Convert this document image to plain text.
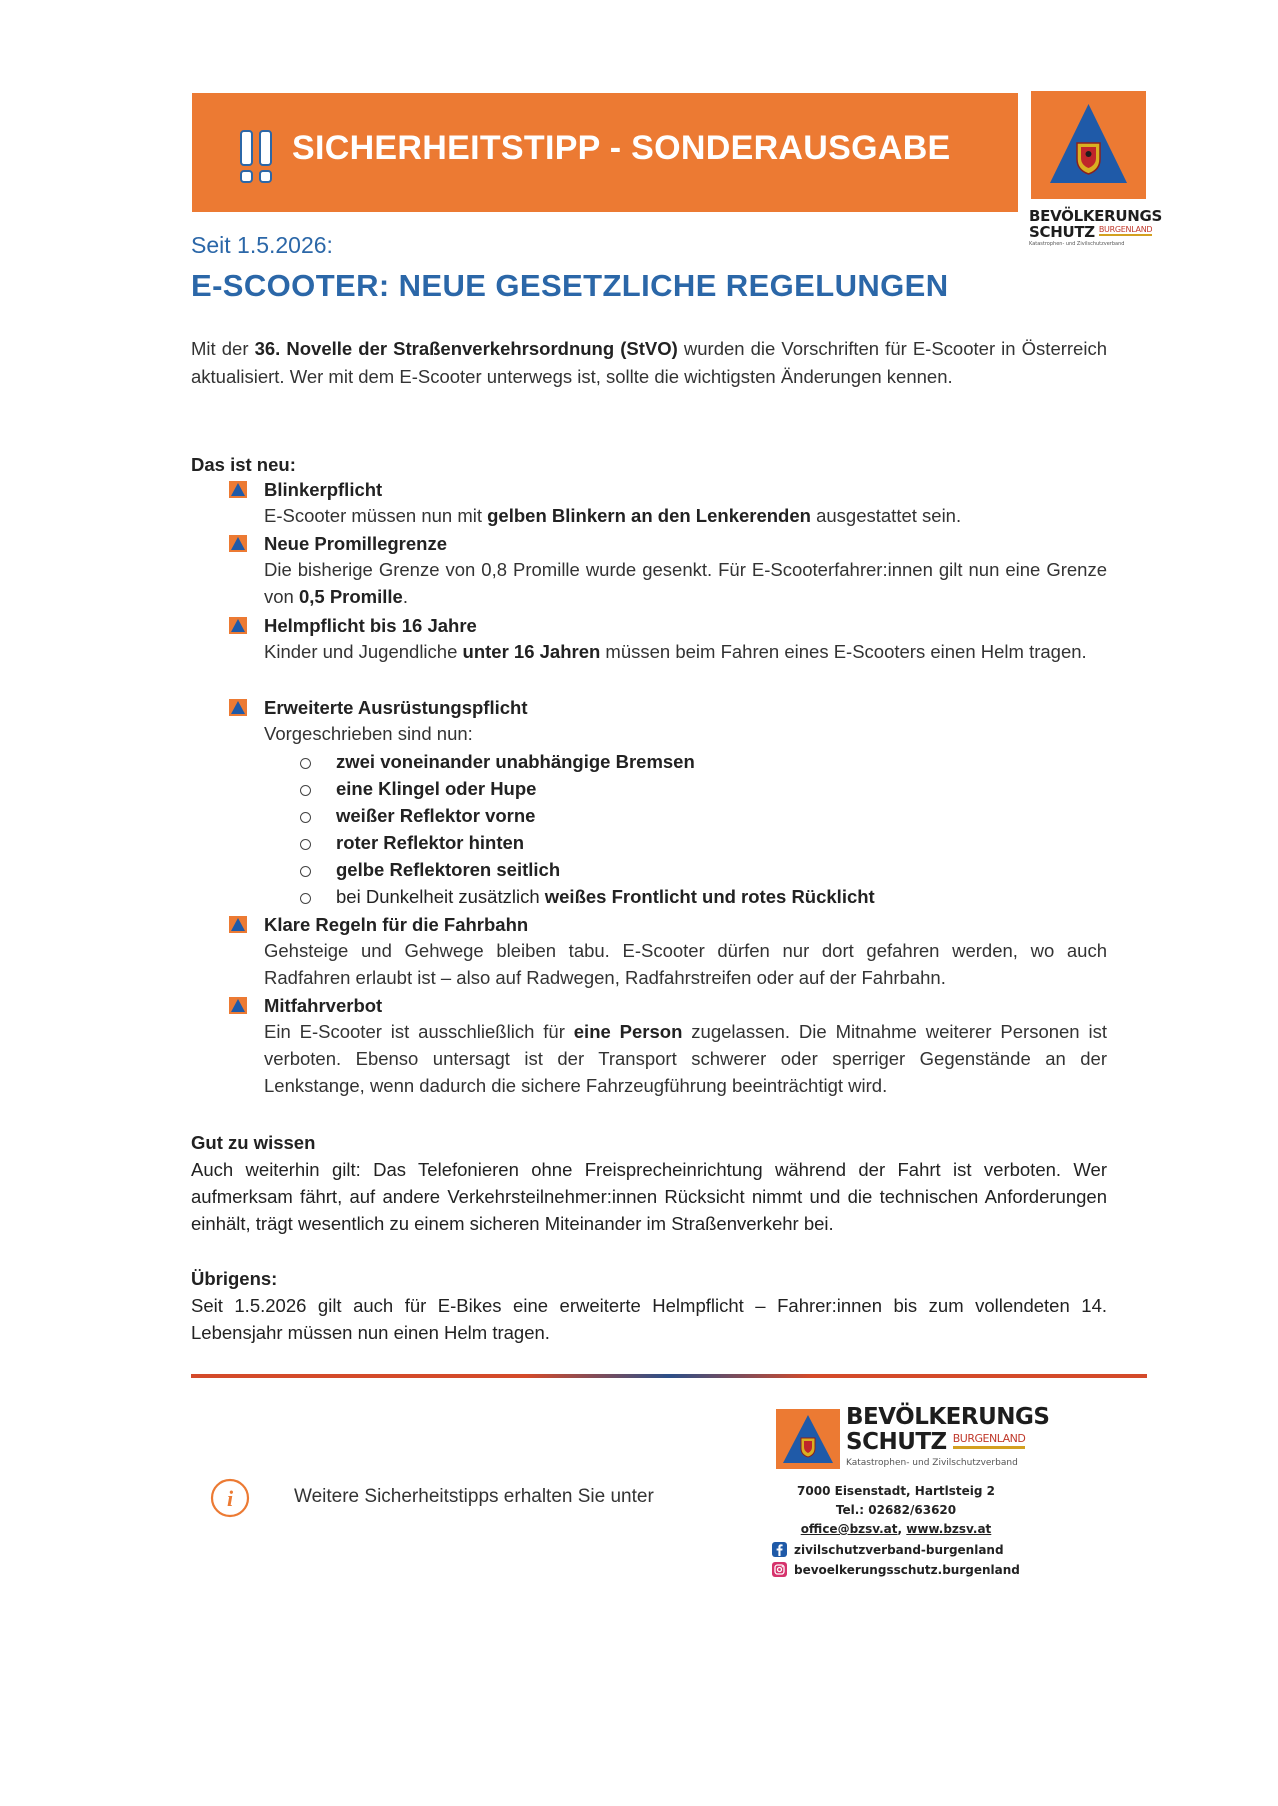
SICHERHEITSTIPP - SONDERAUSGABE
BEVÖLKERUNGS
SCHUTZ BURGENLAND
Katastrophen- und Zivilschutzverband
Seit 1.5.2026:
E-SCOOTER: NEUE GESETZLICHE REGELUNGEN
Mit der 36. Novelle der Straßenverkehrsordnung (StVO) wurden die Vorschriften für E-Scooter in Österreich aktualisiert. Wer mit dem E-Scooter unterwegs ist, sollte die wichtigsten Änderungen kennen.
Das ist neu:
Blinkerpflicht
E-Scooter müssen nun mit gelben Blinkern an den Lenkerenden ausgestattet sein.
Neue Promillegrenze
Die bisherige Grenze von 0,8 Promille wurde gesenkt. Für E-Scooterfahrer:innen gilt nun eine Grenze von 0,5 Promille.
Helmpflicht bis 16 Jahre
Kinder und Jugendliche unter 16 Jahren müssen beim Fahren eines E-Scooters einen Helm tragen.
Erweiterte Ausrüstungspflicht
Vorgeschrieben sind nun:
zwei voneinander unabhängige Bremsen
eine Klingel oder Hupe
weißer Reflektor vorne
roter Reflektor hinten
gelbe Reflektoren seitlich
bei Dunkelheit zusätzlich weißes Frontlicht und rotes Rücklicht
Klare Regeln für die Fahrbahn
Gehsteige und Gehwege bleiben tabu. E-Scooter dürfen nur dort gefahren werden, wo auch Radfahren erlaubt ist – also auf Radwegen, Radfahrstreifen oder auf der Fahrbahn.
Mitfahrverbot
Ein E-Scooter ist ausschließlich für eine Person zugelassen. Die Mitnahme weiterer Personen ist verboten. Ebenso untersagt ist der Transport schwerer oder sperriger Gegenstände an der Lenkstange, wenn dadurch die sichere Fahrzeugführung beeinträchtigt wird.
Gut zu wissen
Auch weiterhin gilt: Das Telefonieren ohne Freisprecheinrichtung während der Fahrt ist verboten. Wer aufmerksam fährt, auf andere Verkehrsteilnehmer:innen Rücksicht nimmt und die technischen Anforderungen einhält, trägt wesentlich zu einem sicheren Miteinander im Straßenverkehr bei.
Übrigens:
Seit 1.5.2026 gilt auch für E-Bikes eine erweiterte Helmpflicht – Fahrer:innen bis zum vollendeten 14. Lebensjahr müssen nun einen Helm tragen.
i	Weitere Sicherheitstipps erhalten Sie unter
BEVÖLKERUNGS
SCHUTZ BURGENLAND
Katastrophen- und Zivilschutzverband
7000 Eisenstadt, Hartlsteig 2
Tel.: 02682/63620
office@bzsv.at, www.bzsv.at
zivilschutzverband-burgenland
bevoelkerungsschutz.burgenland
